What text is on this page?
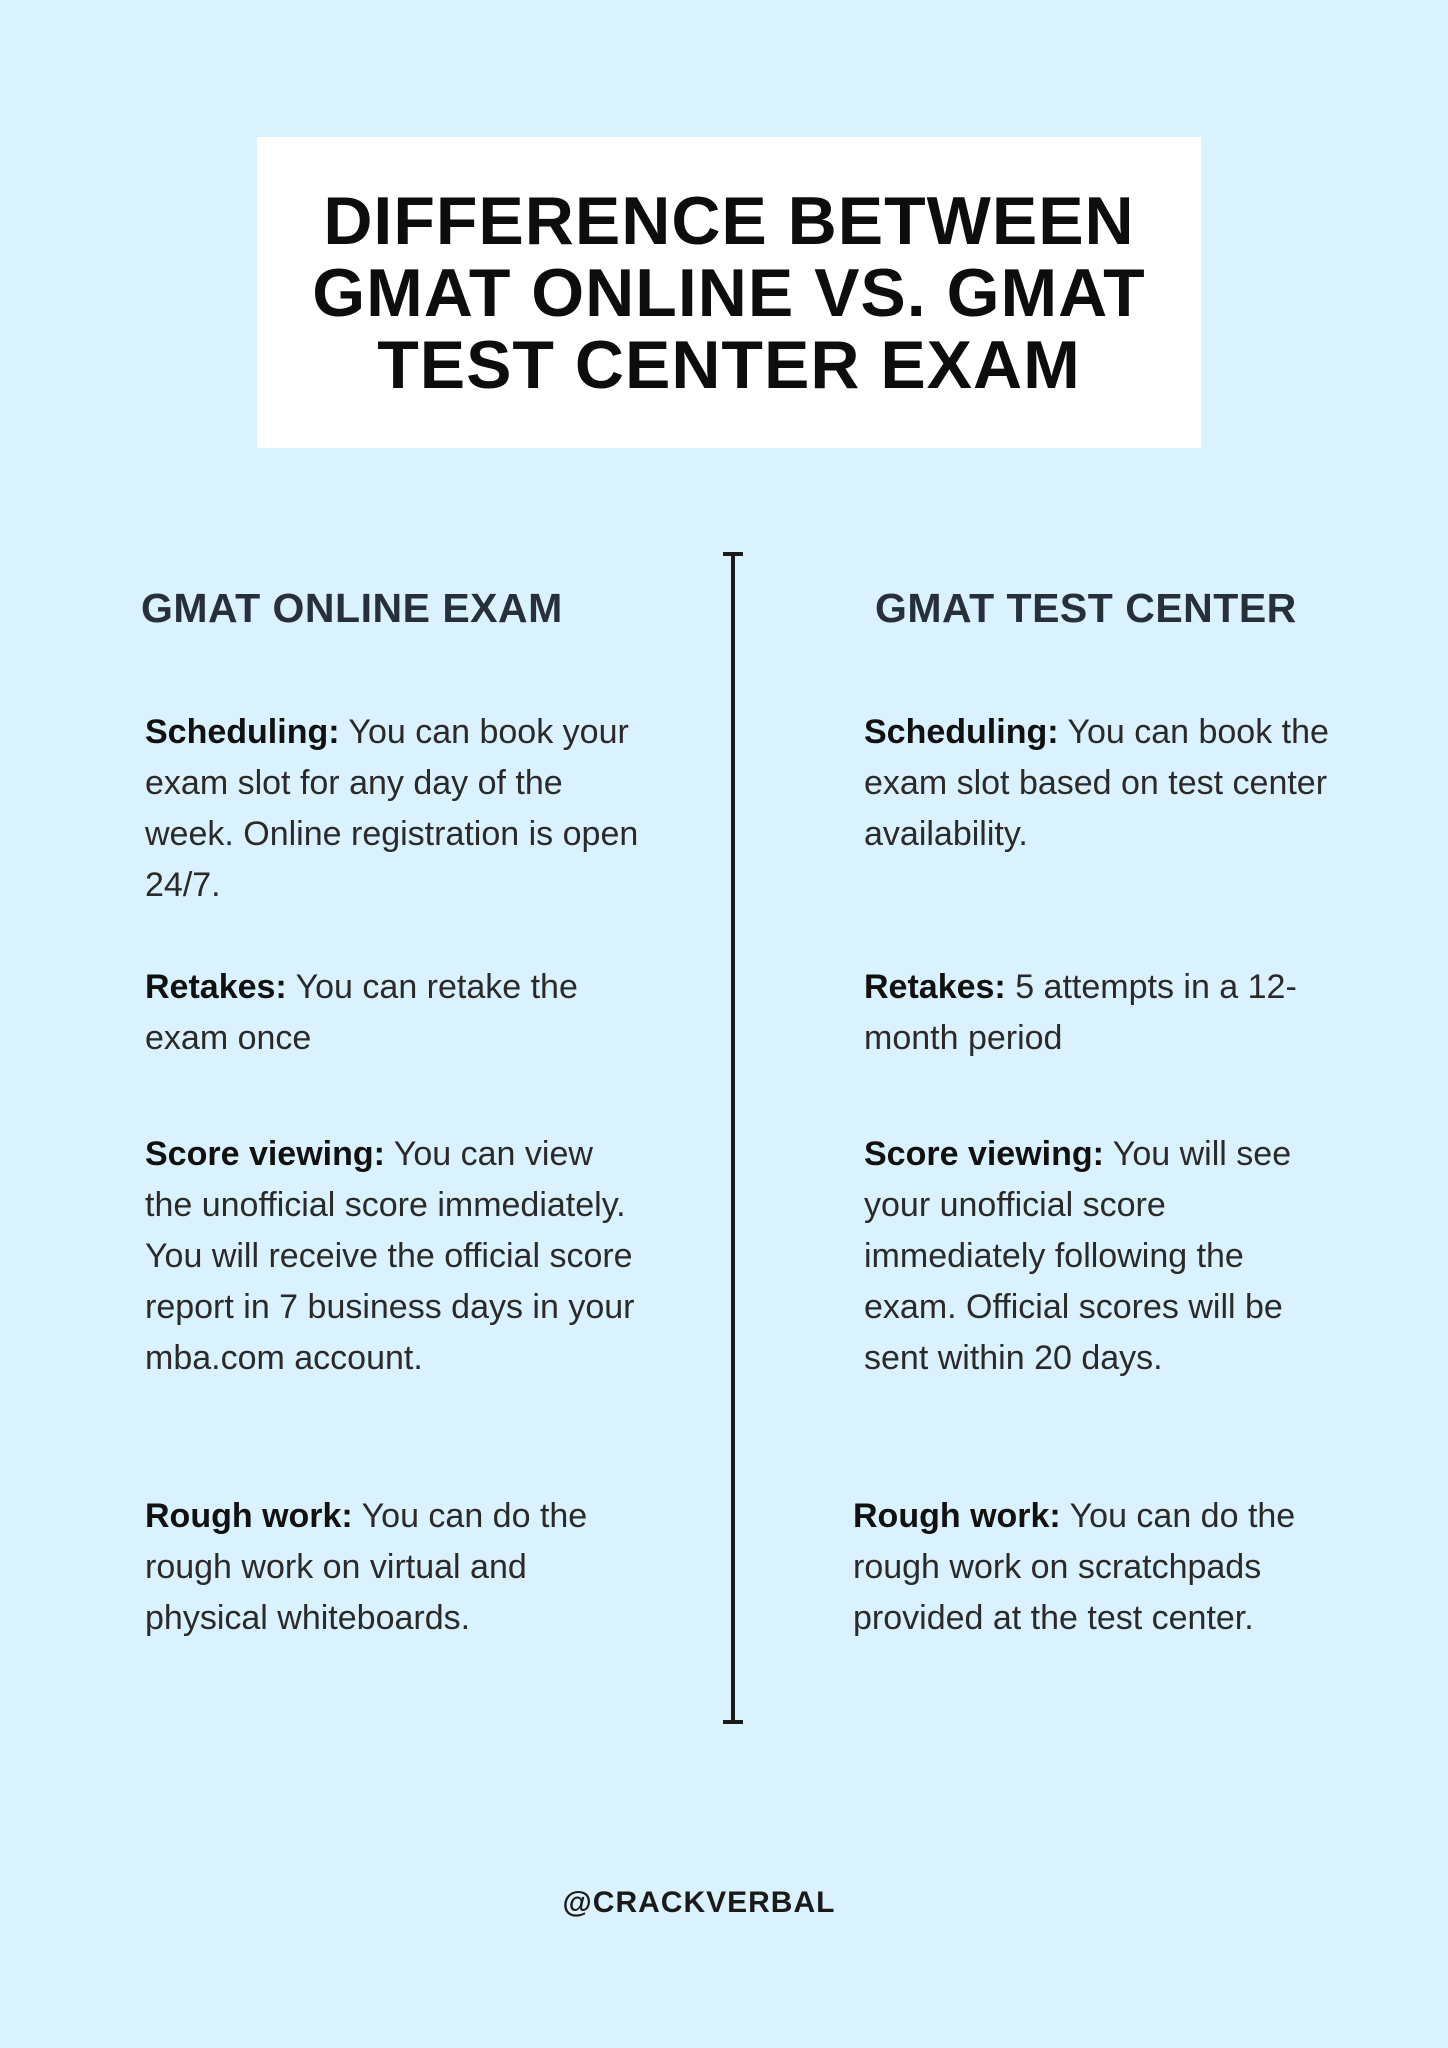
DIFFERENCE BETWEEN GMAT ONLINE VS. GMAT TEST CENTER EXAM
GMAT ONLINE EXAM	GMAT TEST CENTER

Scheduling: You can book your exam slot for any day of the week. Online registration is open 24/7.

Retakes: You can retake the exam once

Score viewing: You can view the unofficial score immediately. You will receive the official score report in 7 business days in your mba.com account.

Rough work: You can do the rough work on virtual and physical whiteboards.

Scheduling: You can book the exam slot based on test center availability.

Retakes: 5 attempts in a 12-month period

Score viewing: You will see your unofficial score immediately following the exam. Official scores will be sent within 20 days.

Rough work: You can do the rough work on scratchpads provided at the test center.

@CRACKVERBAL
